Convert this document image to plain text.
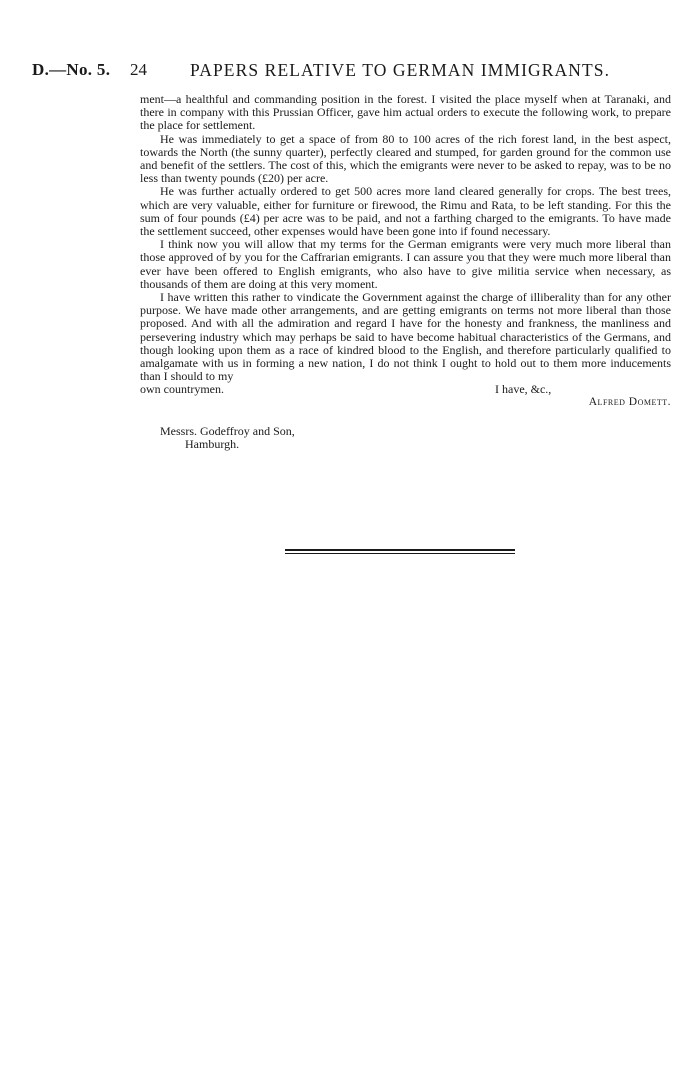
D.—No. 5. 24 PAPERS RELATIVE TO GERMAN IMMIGRANTS.

ment—a healthful and commanding position in the forest. I visited the place myself when at Taranaki, and there in company with this Prussian Officer, gave him actual orders to execute the following work, to prepare the place for settlement.

He was immediately to get a space of from 80 to 100 acres of the rich forest land, in the best aspect, towards the North (the sunny quarter), perfectly cleared and stumped, for garden ground for the common use and benefit of the settlers. The cost of this, which the emigrants were never to be asked to repay, was to be no less than twenty pounds (£20) per acre.

He was further actually ordered to get 500 acres more land cleared generally for crops. The best trees, which are very valuable, either for furniture or firewood, the Rimu and Rata, to be left standing. For this the sum of four pounds (£4) per acre was to be paid, and not a farthing charged to the emigrants. To have made the settlement succeed, other expenses would have been gone into if found necessary.

I think now you will allow that my terms for the German emigrants were very much more liberal than those approved of by you for the Caffrarian emigrants. I can assure you that they were much more liberal than ever have been offered to English emigrants, who also have to give militia service when necessary, as thousands of them are doing at this very moment.

I have written this rather to vindicate the Government against the charge of illiberality than for any other purpose. We have made other arrangements, and are getting emigrants on terms not more liberal than those proposed. And with all the admiration and regard I have for the honesty and frankness, the manliness and persevering industry which may perhaps be said to have become habitual characteristics of the Germans, and though looking upon them as a race of kindred blood to the English, and therefore particularly qualified to amalgamate with us in forming a new nation, I do not think I ought to hold out to them more inducements than I should to my

own countrymen.	I have, &c.,
Alfred Domett.
Messrs. Godeffroy and Son,
Hamburgh.
